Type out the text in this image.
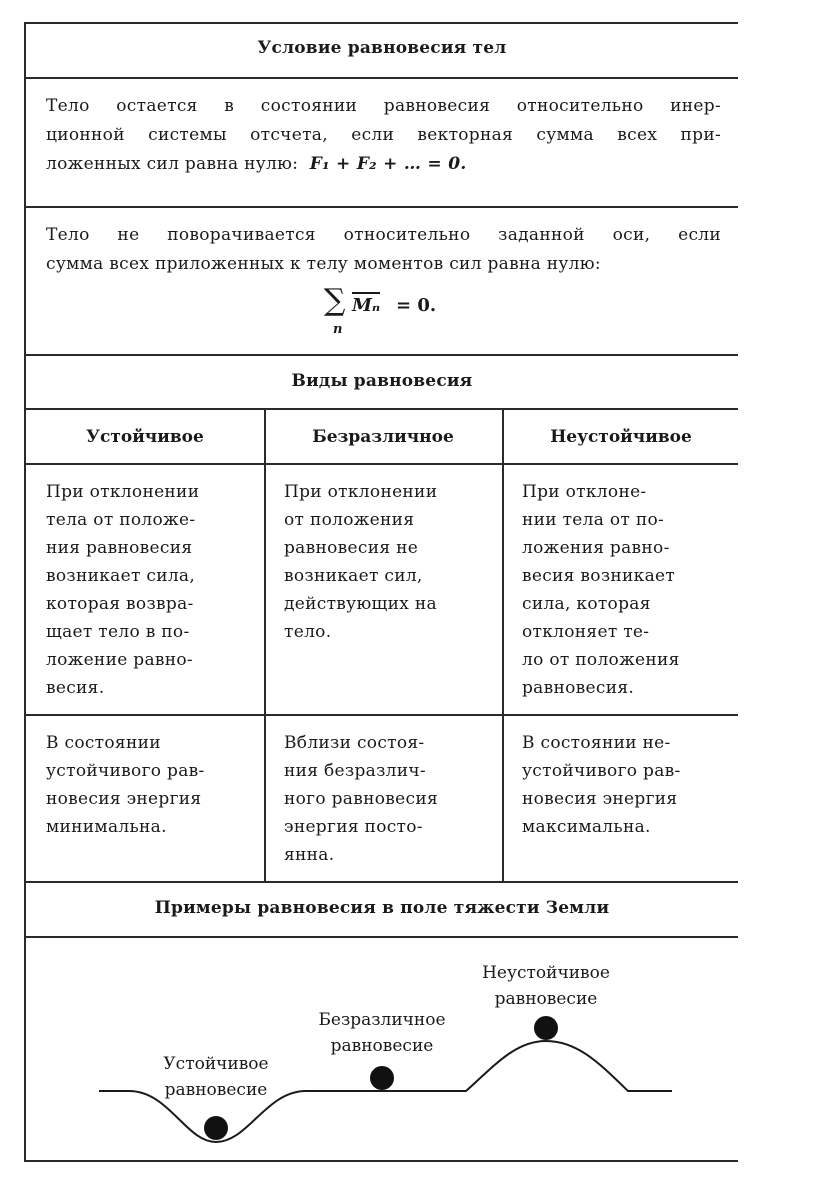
Условие равновесия тел
Тело остается в состоянии равновесия относительно инер-
ционной системы отсчета, если векторная сумма всех при-
ложенных сил равна нулю: F₁ + F₂ + … = 0.
Тело не поворачивается относительно заданной оси, если
сумма всех приложенных к телу моментов сил равна нулю:
∑
n
Mₙ = 0.
Виды равновесия
Устойчивое	Безразличное	Неустойчивое
При отклонении
тела от положе-
ния равновесия
возникает сила,
которая возвра-
щает тело в по-
ложение равно-
весия.
При отклонении
от положения
равновесия не
возникает сил,
действующих на
тело.
При отклоне-
нии тела от по-
ложения равно-
весия возникает
сила, которая
отклоняет те-
ло от положения
равновесия.
В состоянии
устойчивого рав-
новесия энергия
минимальна.
Вблизи состоя-
ния безразлич-
ного равновесия
энергия посто-
янна.
В состоянии не-
устойчивого рав-
новесия энергия
максимальна.
Примеры равновесия в поле тяжести Земли
Устойчивое
равновесие
Безразличное
равновесие
Неустойчивое
равновесие
